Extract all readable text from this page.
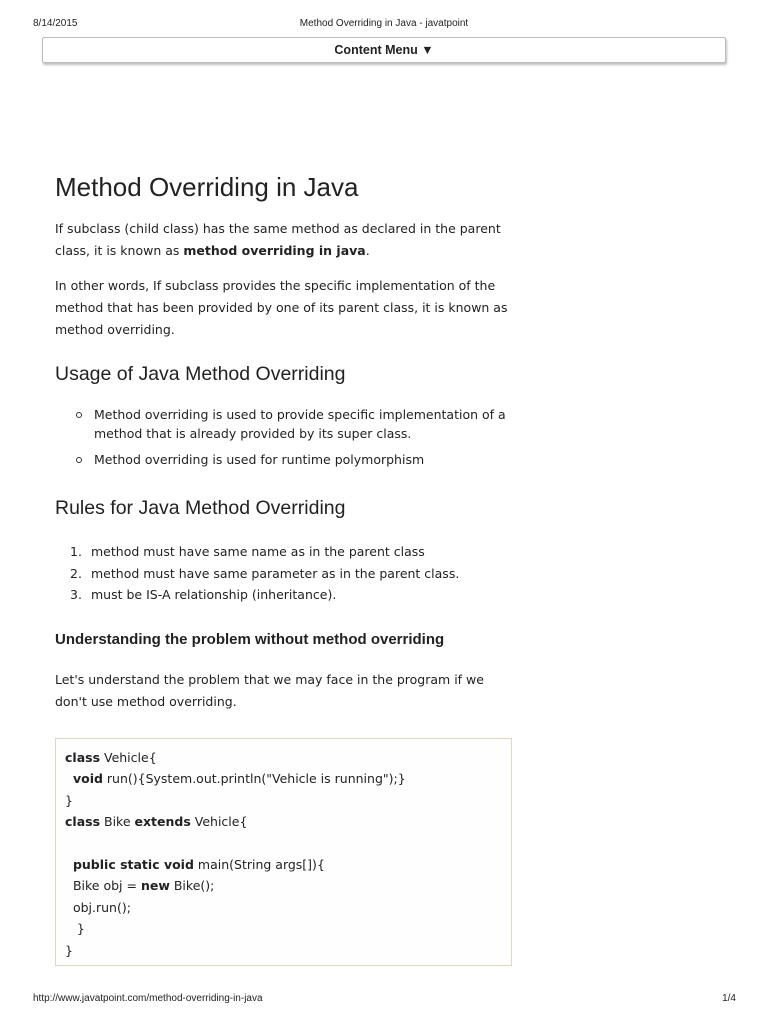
8/14/2015	Method Overriding in Java - javatpoint
Content Menu ▼
Method Overriding in Java

If subclass (child class) has the same method as declared in the parent class, it is known as method overriding in java.

In other words, If subclass provides the specific implementation of the method that has been provided by one of its parent class, it is known as method overriding.

Usage of Java Method Overriding
Method overriding is used to provide specific implementation of a method that is already provided by its super class.
Method overriding is used for runtime polymorphism
Rules for Java Method Overriding
1. method must have same name as in the parent class
2. method must have same parameter as in the parent class.
3. must be IS-A relationship (inheritance).
Understanding the problem without method overriding

Let's understand the problem that we may face in the program if we don't use method overriding.

class Vehicle{
void run(){System.out.println("Vehicle is running");}
}
class Bike extends Vehicle{
public static void main(String args[]){
Bike obj = new Bike();
obj.run();
}
}
http://www.javatpoint.com/method-overriding-in-java	1/4
